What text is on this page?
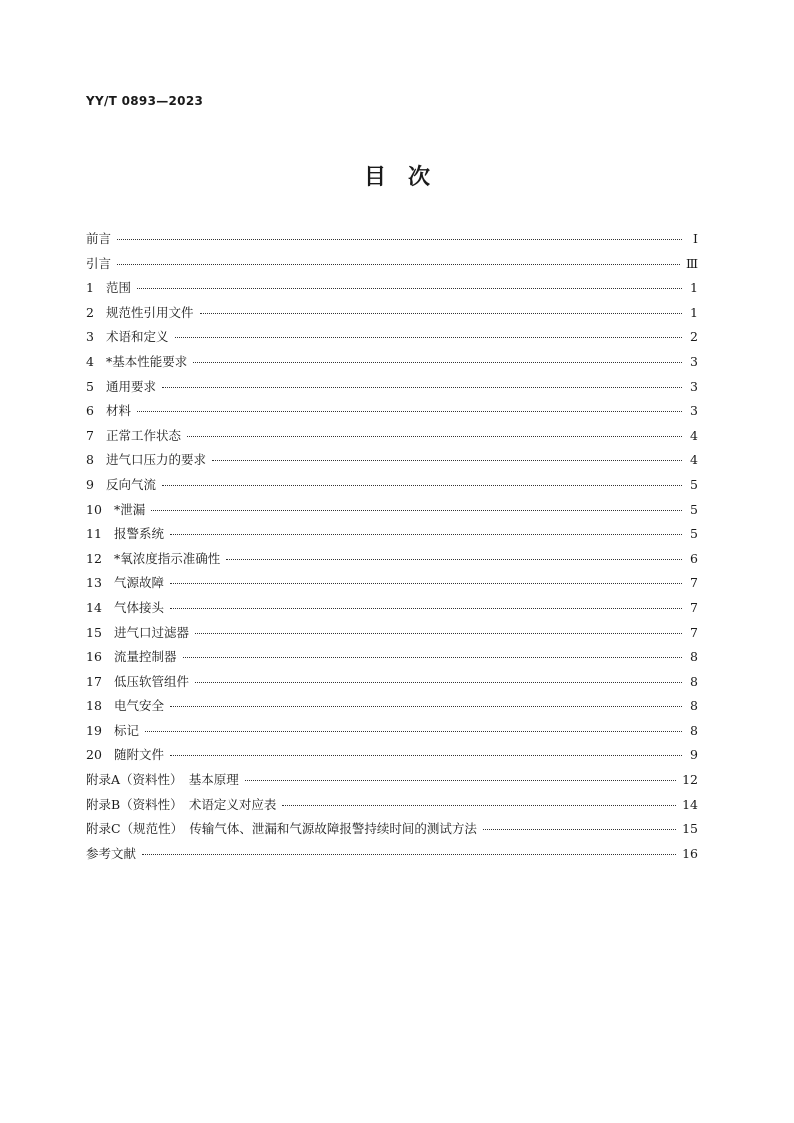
YY/T 0893—2023
目　次
前言	Ⅰ
引言	Ⅲ
1 范围	1
2 规范性引用文件	1
3 术语和定义	2
4 *基本性能要求	3
5 通用要求	3
6 材料	3
7 正常工作状态	4
8 进气口压力的要求	4
9 反向气流	5
10 *泄漏	5
11 报警系统	5
12 *氧浓度指示准确性	6
13 气源故障	7
14 气体接头	7
15 进气口过滤器	7
16 流量控制器	8
17 低压软管组件	8
18 电气安全	8
19 标记	8
20 随附文件	9
附录A（资料性）　基本原理	12
附录B（资料性）　术语定义对应表	14
附录C（规范性）　传输气体、泄漏和气源故障报警持续时间的测试方法	15
参考文献	16
